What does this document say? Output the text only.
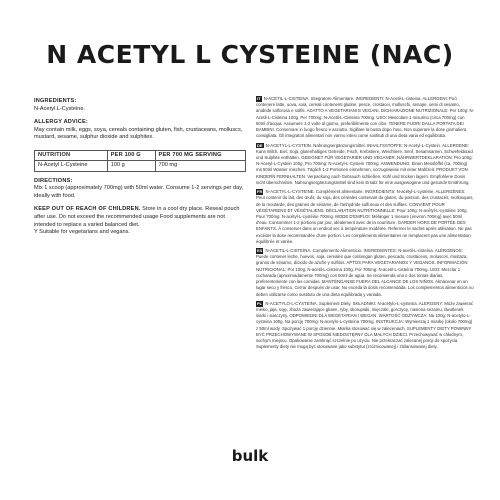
N ACETYL L CYSTEINE (NAC)

INGREDIENTS:

N-Acetyl L-Cysteine.

ALLERGY ADVICE:

May contain milk, eggs, soya, cereals containing gluten, fish, crustaceans, molluscs, mustard, sesame, sulphur dioxide and sulphites.

NUTRITION	PER 100 G	PER 700 MG SERVING
N-Acetyl L-Cysteine	100 g	700 mg

DIRECTIONS:

Mix 1 scoop (approximately 700mg) with 50ml water. Consume 1-2 servings per day, ideally with food.

KEEP OUT OF REACH OF CHILDREN. Store in a cool dry place. Reseal pouch after use. Do not exceed the recommended usage Food supplements are not intended to replace a varied balanced diet.

Y Suitable for vegetarians and vegans.

IT N-ACETIL-L-CISTEINA. Integratore Alimentare. INGREDIENTI: N-Acetil-L-cisteina. ALLERGENI: Può contenere latte, uova, soia, cereali contenenti glutine, pesce, crostacei, molluschi, senape, semi di sesamo, anidride solforosa e solfiti. ADATTO A VEGETARIANI E VEGANI. DICHIARAZIONE NUTRIZIONALE: Per 100g: N-Acetil-L-Cisteina 100g. Per 700mg: N-Acetil-L-Cisteina 700mg. USO: Mescolare 1 misurino (circa 700mg) con 50ml d'acqua. Assumere 1-2 volte al giorno, preferibilmente con cibo. TENERE FUORI DALLA PORTATA DEI BAMBINI. Conservare in luogo fresco e asciutto. Sigillare la busta dopo l'uso. Non superare la dose giornaliera consigliata. Gli integratori alimentari non vanno intesi come sostituti di una dieta varia ed equilibrata.

DE N-ACETYL-L-CYSTEIN. Nahrungsergänzungsmittel. INHALTSSTOFFE: N-Acetyl-L-Cystein. ALLERGENE: Kann Milch, Eier, Soja, glutenhaltiges Getreide, Fisch, Krebstiere, Weichtiere, Senf, Sesamsamen, Schwefeldioxid und Sulphite enthalten. GEEIGNET FÜR VEGETARIER UND VEGANER. NÄHRWERTDEKLARATION: Pro 100g: N-Acetyl-L-Cystein 100g. Pro 700mg: N-Acetyl-L-Cystein 700mg. ANWENDUNG: Einen Messlöffel (ca. 700mg) mit 50ml Wasser mischen. Täglich 1-2 Portionen einnehmen, vorzugsweise mit einer Mahlzeit. PRODUKT VON KINDERN FERNHALTEN. Verpackung nach Gebrauch schließen. Kühl und trocken lagern. Empfohlene Dosis nicht überschreiten. Nahrungsergänzungsmittel sind kein Ersatz für eine ausgewogene und gesunde Ernährung.

FR N-ACETYL-L-CYSTEINE. Complément alimentaire. INGRÉDIENTS: N-acétyl-L-cystéine. ALLERGÈNES: Peut contenir du lait, des œufs, du soja, des céréales contenant du gluten, du poisson, des crustacés, mollusques, de la moutarde, des graines de sésame, de l'anhydride sulfureux et des sulfites. CONVIENT POUR VÉGÉTARIENS ET VÉGÉTALIENS. DÉCLARATION NUTRITIONNELLE: Pour 100g: N-acétyl-L-cystéine 100g. Pour 700mg: N-acétyl-L-cystéine 700mg. MODE D'EMPLOI: Mélanger 1 mesure (environ 700mg) avec 50ml d'eau. Consommer 1-2 portions par jour, idéalement avec de la nourriture. GARDER HORS DE PORTÉE DES ENFANTS. À conserver dans un endroit sec à température modérée. Refermer le sachet après utilisation. Ne pas excéder la dose recommandée d'une portion. Les compléments alimentaires ne remplacent pas une alimentation équilibrée et variée.

ES N-ACETIL-L-CISTEÍNA. Complemento Alimenticio. INGREDIENTES: N-acetil-L-cisteína. ALÉRGENOS: Puede contener leche, huevos, soja, cereales que contengan gluten, pescado, crustáceos, moluscos, mostaza, granos de sésamo, dióxido de azufre y sulfitos. APTOS PARA VEGETARIANOS Y VEGANOS. INFORMACIÓN NUTRICIONAL: Por 100g: N-acetil-L-cisteína 100g. Por 700mg: N-acetil-L-cisteína 700mg. USO: Mezclar 1 cucharada (aproximadamente 700mg) con 50ml de agua. Se recomienda una o dos tomas diarias, preferentemente con las comidas. MANTÉNGANSE FUERA DEL ALCANCE DE LOS NIÑOS. Almacenar en un lugar seco y fresco. Cerrar después de usar. No exceda la dosis recomendada. Los complementos alimenticios no deben utilizarse como sustituto de una dieta equilibrada y variada.

PL N-ACETYLO-L-CYSTEINA. Suplement Diety. SKŁADNIKI: N-acetylo-L-cysteina. ALERGENY: Może zawierać mleko, jaja, soję, zboża zawierające gluten, ryby, skorupiaki, mięczaki, gorczycę, nasiona sezamu, dwutlenek siarki i siarczyny. ODPOWIEDNI DLA WEGETARIAN I WEGAN. WARTOŚĆ ODŻYWCZA: Na 100g: N-acetylo-L-cysteina 100g. Na porcję 700mg: N-acetylo-L-cysteina 700mg. INSTRUKCJA: Wymieszaj 1 miarkę (około 700mg) z 50ml wody. Spożywać 1 porcję dziennie. Miarka stosować się w zaleceniach. SUPLEMENTY DIETY POWINNY BYĆ PRZECHOWYWANE W SPOSÓB NIEDOSTĘPNY DLA MAŁYCH DZIECI. Przechowywać w chłodnym, suchym miejscu. Opakowanie zamknąć szczelnie po użyciu. Nie przekraczać zalecanej porcji do spożycia. Suplementy diety nie mogą być stosowane jako substytut (zróżnicowanej) i zbilansowanej diety.

bulk
